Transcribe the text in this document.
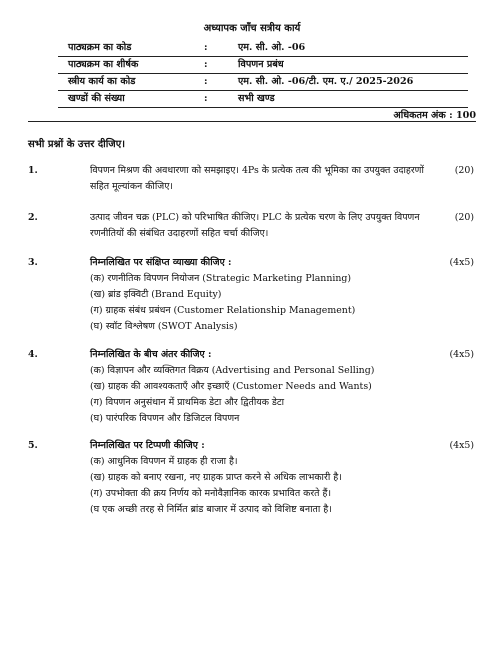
अध्यापक जाँच सत्रीय कार्य
पाठ्यक्रम का कोड	:	एम. सी. ओ. -06
पाठ्यक्रम का शीर्षक	:	विपणन प्रबंध
स्त्रीय कार्य का कोड	:	एम. सी. ओ. -06/टी. एम. ए./ 2025-2026
खण्डों की संख्या	:	सभी खण्ड
अधिकतम अंक : 100
सभी प्रश्नों के उत्तर दीजिए।
1.	विपणन मिश्रण की अवधारणा को समझाइए। 4Ps के प्रत्येक तत्व की भूमिका का उपयुक्त उदाहरणों
सहित मूल्यांकन कीजिए।
(20)
2.	उत्पाद जीवन चक्र (PLC) को परिभाषित कीजिए। PLC के प्रत्येक चरण के लिए उपयुक्त विपणन
रणनीतियों की संबंधित उदाहरणों सहित चर्चा कीजिए।
(20)
3.	निम्नलिखित पर संक्षिप्त व्याख्या कीजिए :
(क) रणनीतिक विपणन नियोजन (Strategic Marketing Planning)
(ख) ब्रांड इक्विटी (Brand Equity)
(ग) ग्राहक संबंध प्रबंधन (Customer Relationship Management)
(घ) स्वॉट विश्लेषण (SWOT Analysis)
(4x5)
4.	निम्नलिखित के बीच अंतर कीजिए :
(क) विज्ञापन और व्यक्तिगत विक्रय (Advertising and Personal Selling)
(ख) ग्राहक की आवश्यकताएँ और इच्छाएँ (Customer Needs and Wants)
(ग) विपणन अनुसंधान में प्राथमिक डेटा और द्वितीयक डेटा
(घ) पारंपरिक विपणन और डिजिटल विपणन
(4x5)
5.	निम्नलिखित पर टिप्पणी कीजिए :
(क) आधुनिक विपणन में ग्राहक ही राजा है।
(ख) ग्राहक को बनाए रखना, नए ग्राहक प्राप्त करने से अधिक लाभकारी है।
(ग) उपभोक्ता की क्रय निर्णय को मनोवैज्ञानिक कारक प्रभावित करते हैं।
(घ एक अच्छी तरह से निर्मित ब्रांड बाजार में उत्पाद को विशिष्ट बनाता है।
(4x5)
